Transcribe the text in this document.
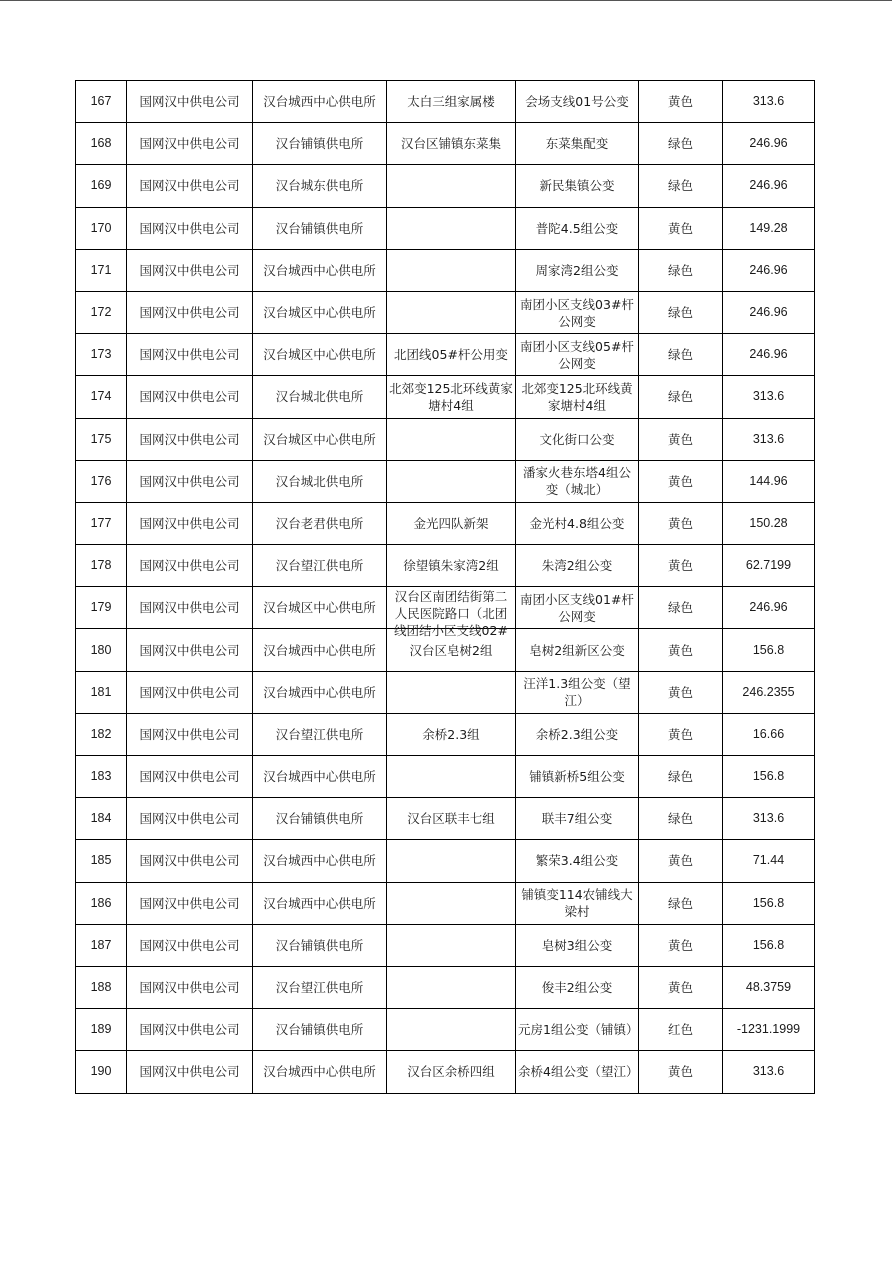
167	国网汉中供电公司	汉台城西中心供电所	太白三组家属楼	会场支线01号公变	黄色	313.6

168	国网汉中供电公司	汉台铺镇供电所	汉台区铺镇东菜集	东菜集配变	绿色	246.96

169	国网汉中供电公司	汉台城东供电所		新民集镇公变	绿色	246.96

170	国网汉中供电公司	汉台铺镇供电所		普陀4.5组公变	黄色	149.28

171	国网汉中供电公司	汉台城西中心供电所		周家湾2组公变	绿色	246.96

172	国网汉中供电公司	汉台城区中心供电所		南团小区支线03#杆公网变	绿色	246.96

173	国网汉中供电公司	汉台城区中心供电所	北团线05#杆公用变	南团小区支线05#杆公网变	绿色	246.96

174	国网汉中供电公司	汉台城北供电所	北郊变125北环线黄家塘村4组	北郊变125北环线黄家塘村4组	绿色	313.6

175	国网汉中供电公司	汉台城区中心供电所		文化街口公变	黄色	313.6

176	国网汉中供电公司	汉台城北供电所		潘家火巷东塔4组公变（城北）	黄色	144.96

177	国网汉中供电公司	汉台老君供电所	金光四队新架	金光村4.8组公变	黄色	150.28

178	国网汉中供电公司	汉台望江供电所	徐望镇朱家湾2组	朱湾2组公变	黄色	62.7199

179	国网汉中供电公司	汉台城区中心供电所	汉台区南团结街第二人民医院路口（北团线团结小区支线02#	南团小区支线01#杆公网变	绿色	246.96

180	国网汉中供电公司	汉台城西中心供电所	汉台区皂树2组	皂树2组新区公变	黄色	156.8

181	国网汉中供电公司	汉台城西中心供电所		汪洋1.3组公变（望江）	黄色	246.2355

182	国网汉中供电公司	汉台望江供电所	余桥2.3组	余桥2.3组公变	黄色	16.66

183	国网汉中供电公司	汉台城西中心供电所		铺镇新桥5组公变	绿色	156.8

184	国网汉中供电公司	汉台铺镇供电所	汉台区联丰七组	联丰7组公变	绿色	313.6

185	国网汉中供电公司	汉台城西中心供电所		繁荣3.4组公变	黄色	71.44

186	国网汉中供电公司	汉台城西中心供电所		铺镇变114农铺线大梁村	绿色	156.8

187	国网汉中供电公司	汉台铺镇供电所		皂树3组公变	黄色	156.8

188	国网汉中供电公司	汉台望江供电所		俊丰2组公变	黄色	48.3759

189	国网汉中供电公司	汉台铺镇供电所		元房1组公变（铺镇）	红色	-1231.1999

190	国网汉中供电公司	汉台城西中心供电所	汉台区余桥四组	余桥4组公变（望江）	黄色	313.6
